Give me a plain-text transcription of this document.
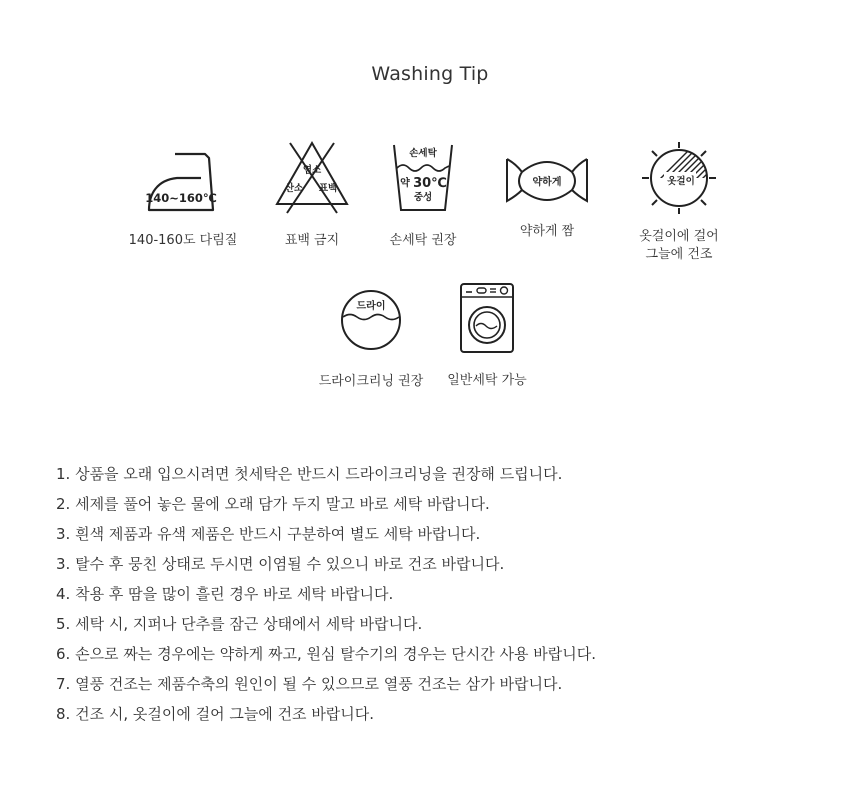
Washing Tip
140~160℃
140-160도 다림질
염소
산소 표백
표백 금지
손세탁
약 30℃
중성
손세탁 권장
약하게
약하게 짬
옷걸이
옷걸이에 걸어
그늘에 건조
드라이
드라이크리닝 권장	일반세탁 가능
1. 상품을 오래 입으시려면 첫세탁은 반드시 드라이크리닝을 권장해 드립니다.
2. 세제를 풀어 놓은 물에 오래 담가 두지 말고 바로 세탁 바랍니다.
3. 흰색 제품과 유색 제품은 반드시 구분하여 별도 세탁 바랍니다.
3. 탈수 후 뭉친 상태로 두시면 이염될 수 있으니 바로 건조 바랍니다.
4. 착용 후 땀을 많이 흘린 경우 바로 세탁 바랍니다.
5. 세탁 시, 지퍼나 단추를 잠근 상태에서 세탁 바랍니다.
6. 손으로 짜는 경우에는 약하게 짜고, 원심 탈수기의 경우는 단시간 사용 바랍니다.
7. 열풍 건조는 제품수축의 원인이 될 수 있으므로 열풍 건조는 삼가 바랍니다.
8. 건조 시, 옷걸이에 걸어 그늘에 건조 바랍니다.
